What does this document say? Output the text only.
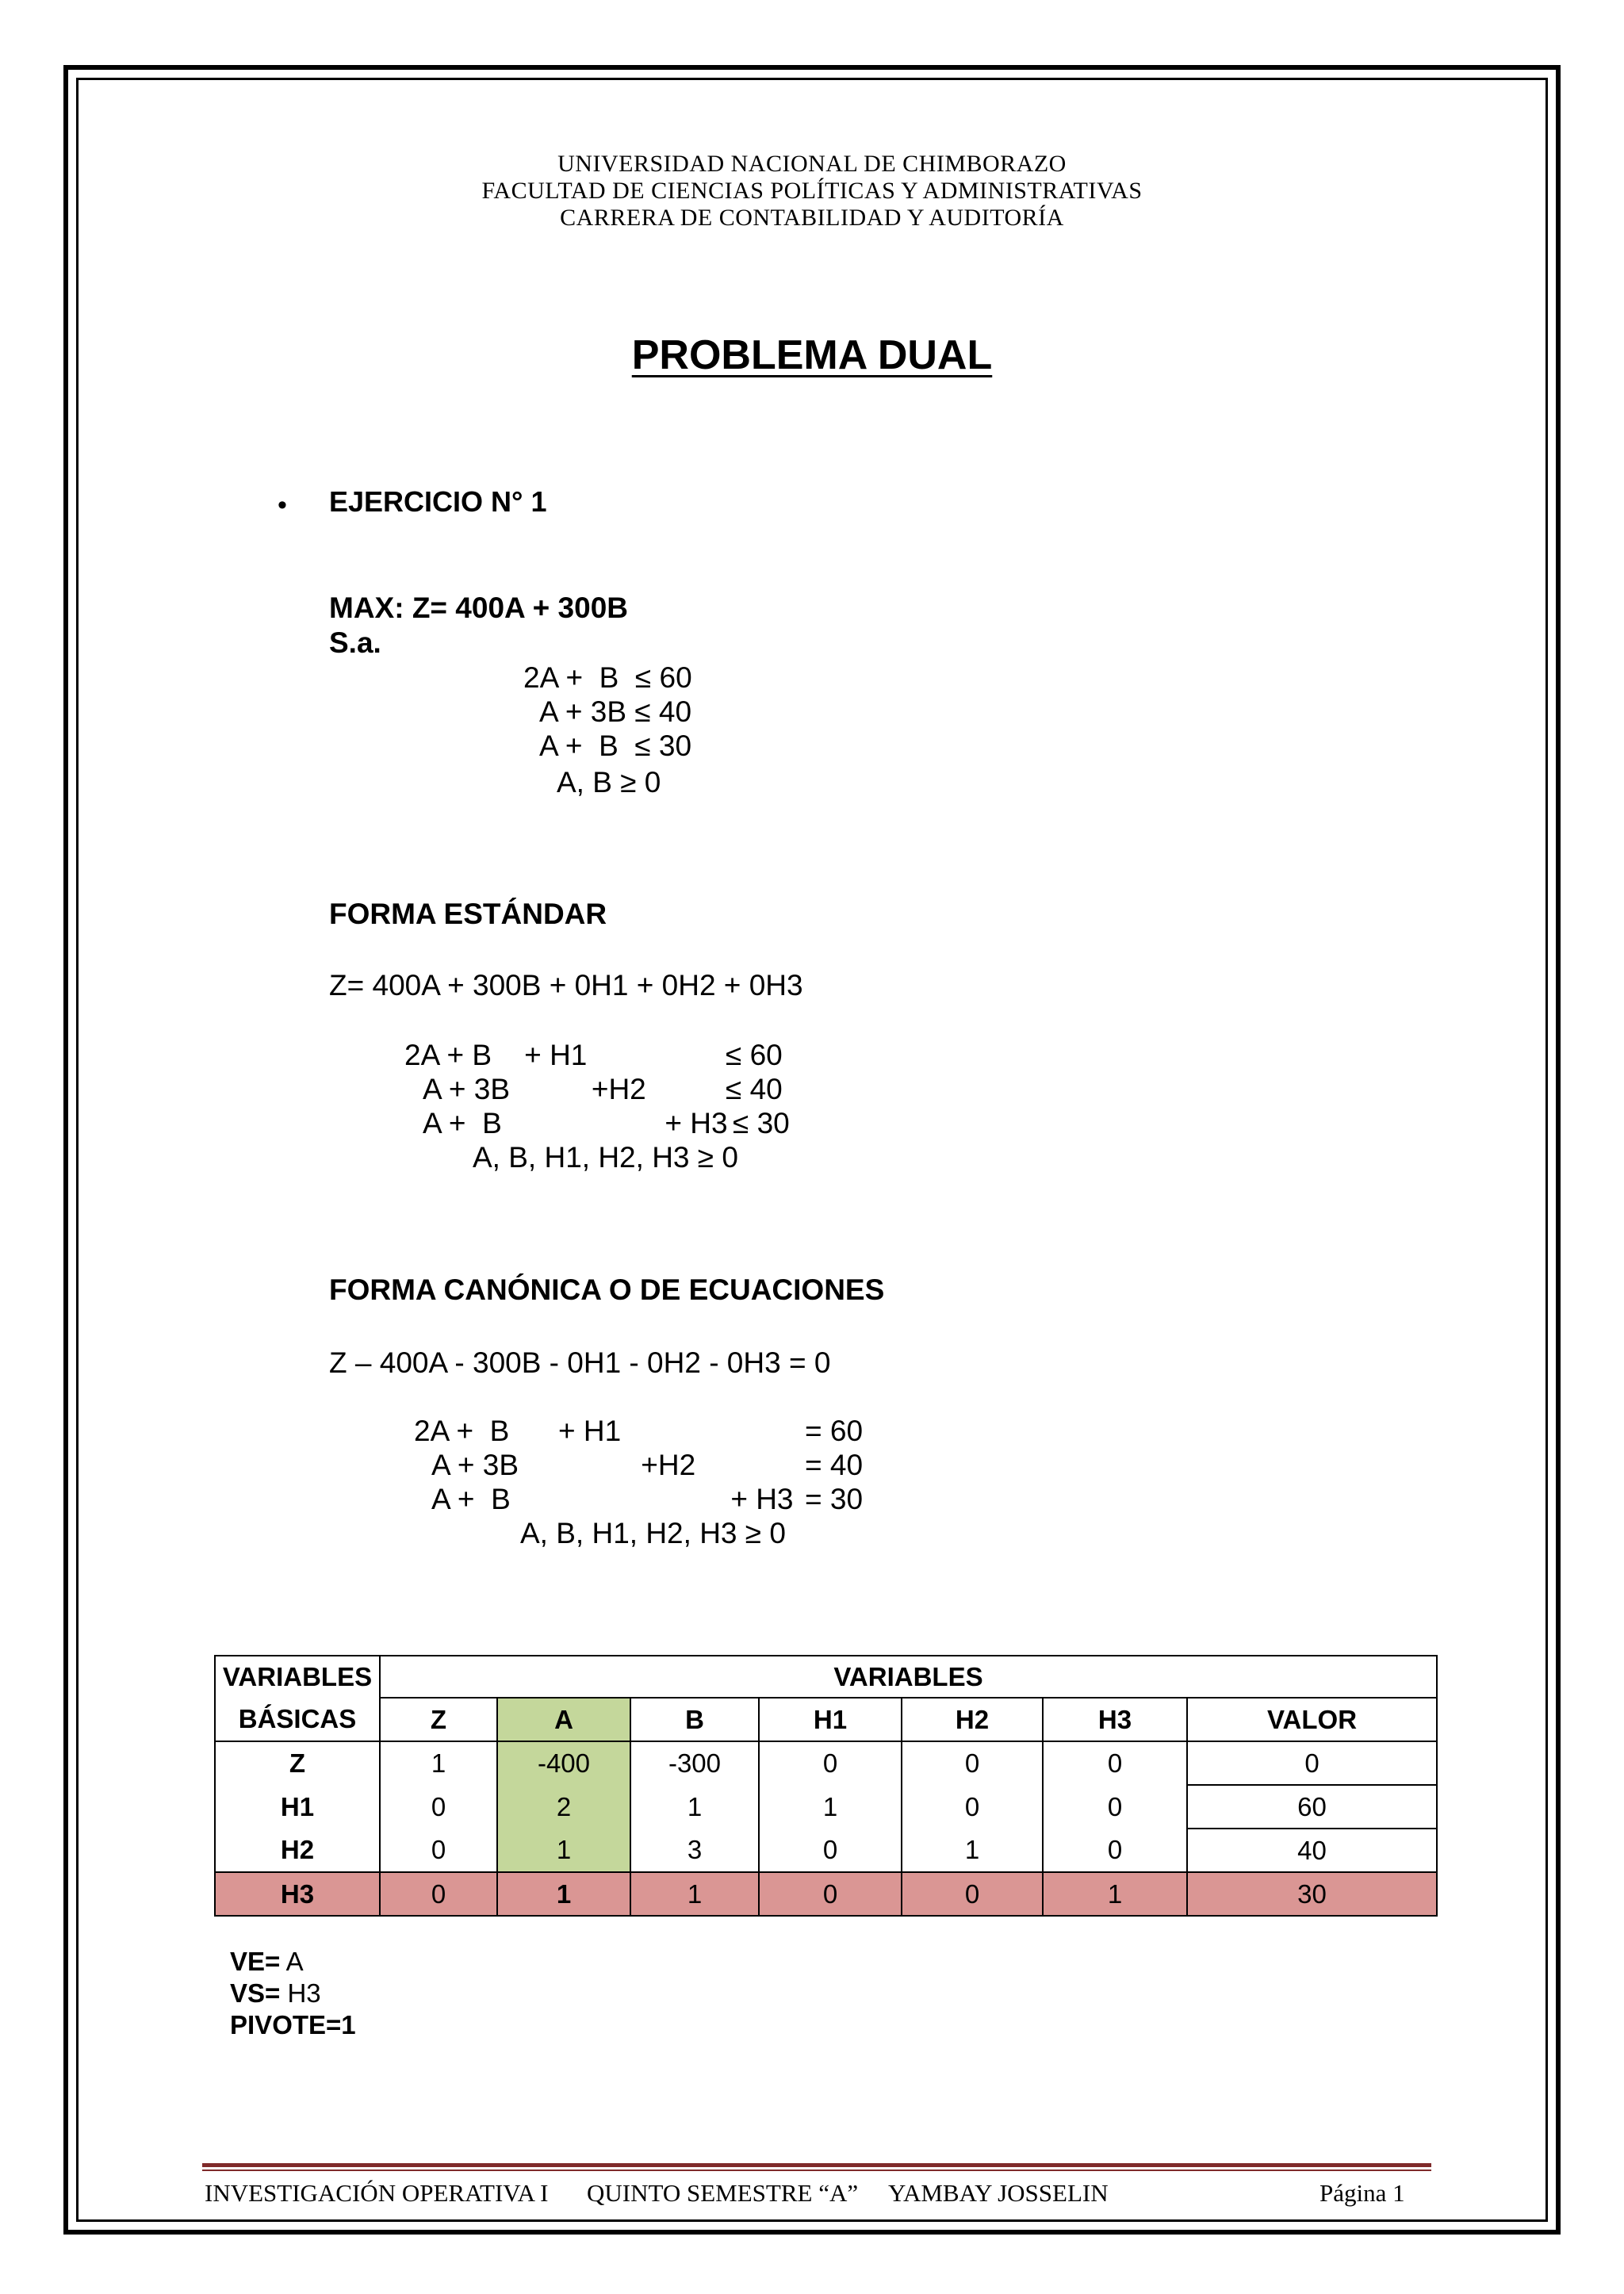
UNIVERSIDAD NACIONAL DE CHIMBORAZO
FACULTAD DE CIENCIAS POLÍTICAS Y ADMINISTRATIVAS
CARRERA DE CONTABILIDAD Y AUDITORÍA
PROBLEMA DUAL
• EJERCICIO N° 1
MAX: Z= 400A + 300B
S.a.
2A +  B  ≤ 60
A + 3B ≤ 40
A +  B  ≤ 30
A, B ≥ 0
FORMA ESTÁNDAR
Z= 400A + 300B + 0H1 + 0H2 + 0H3
2A + B    + H1	≤ 60
A + 3B          +H2	≤ 40
A +  B                    + H3 ≤ 30
A, B, H1, H2, H3 ≥ 0
FORMA CANÓNICA O DE ECUACIONES
Z – 400A - 300B - 0H1 - 0H2 - 0H3 = 0
2A +  B      + H1	= 60
A + 3B               +H2	= 40
A +  B                           + H3 = 30
A, B, H1, H2, H3 ≥ 0
VARIABLES	VARIABLES						
BÁSICAS	Z	A	B	H1	H2	H3	VALOR
Z	1	-400	-300	0	0	0	0
H1	0	2	1	1	0	0	60
H2	0	1	3	0	1	0	40
H3	0	1	1	0	0	1	30
VE= A
VS= H3
PIVOTE=1
INVESTIGACIÓN OPERATIVA I QUINTO SEMESTRE “A” YAMBAY JOSSELIN	Página 1
